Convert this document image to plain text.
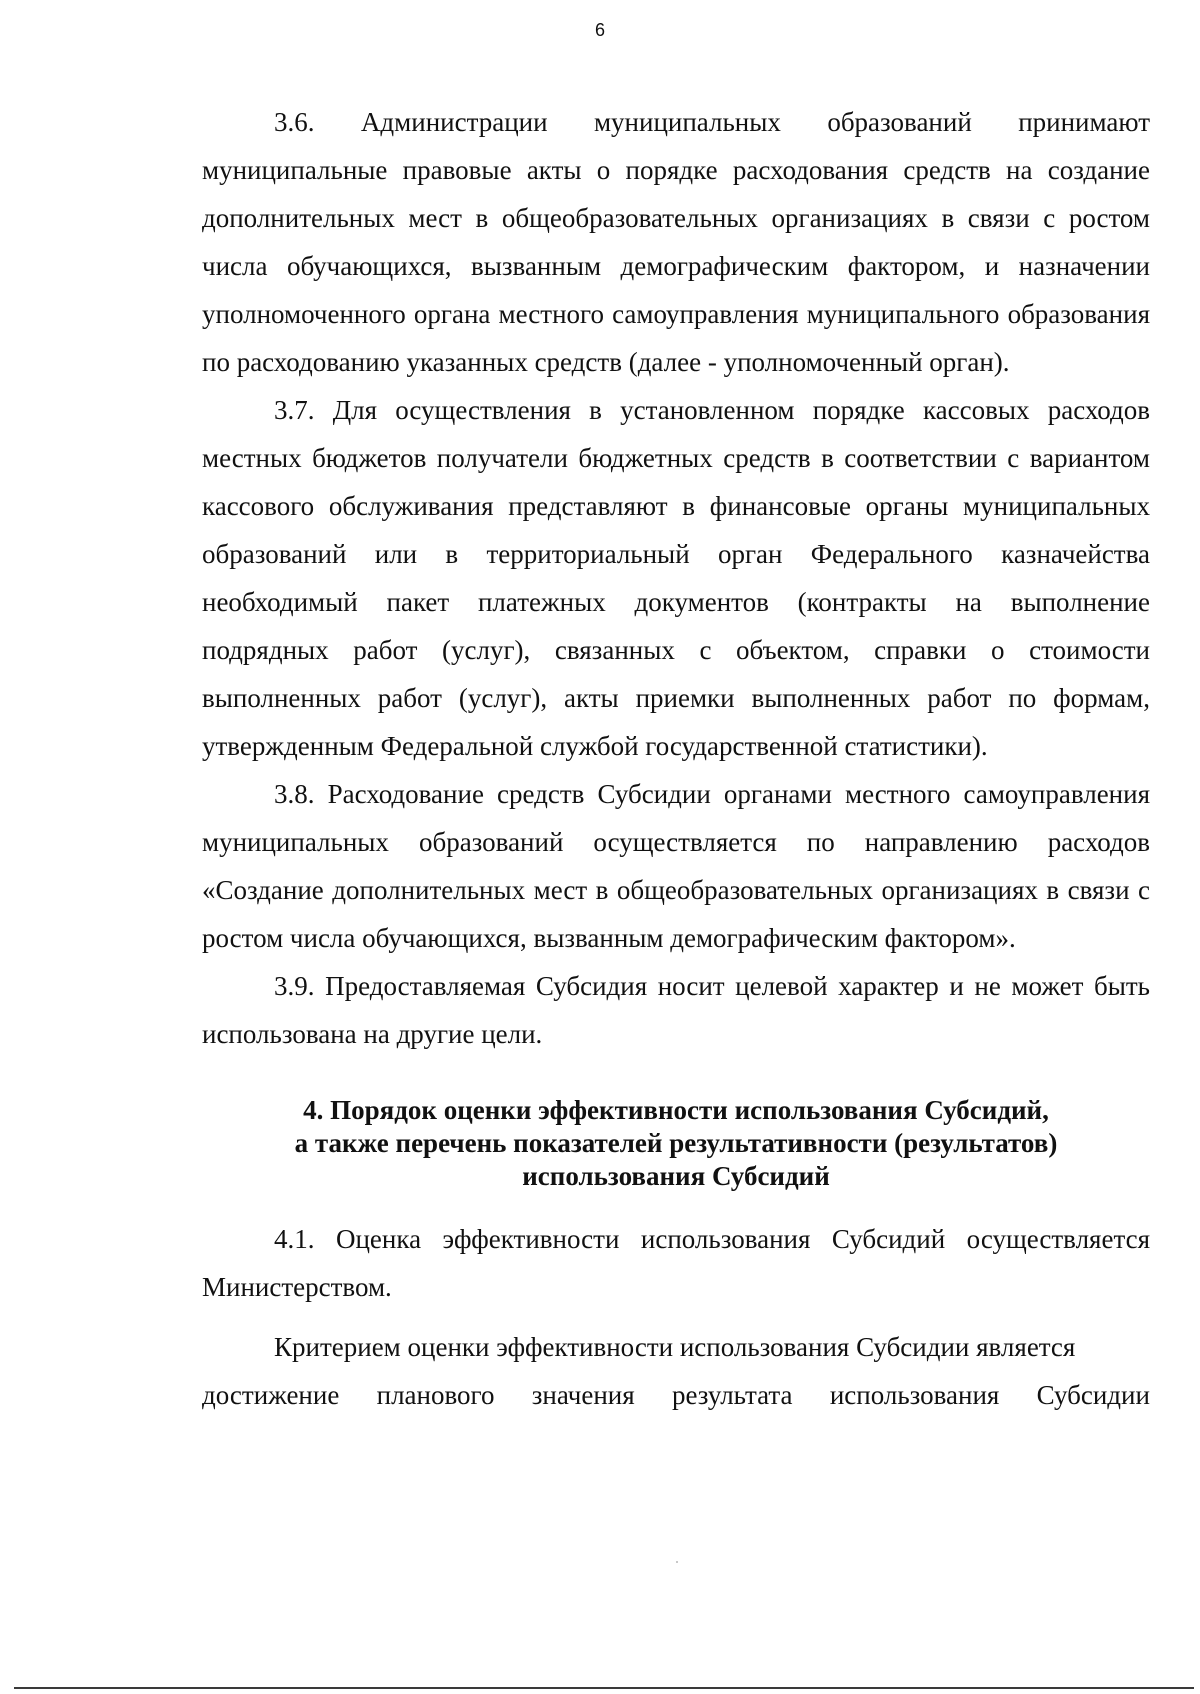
6

3.6. Администрации муниципальных образований принимают муниципальные правовые акты о порядке расходования средств на создание дополнительных мест в общеобразовательных организациях в связи с ростом числа обучающихся, вызванным демографическим фактором, и назначении уполномоченного органа местного самоуправления муниципального образования по расходованию указанных средств (далее - уполномоченный орган).

3.7. Для осуществления в установленном порядке кассовых расходов местных бюджетов получатели бюджетных средств в соответствии с вариантом кассового обслуживания представляют в финансовые органы муниципальных образований или в территориальный орган Федерального казначейства необходимый пакет платежных документов (контракты на выполнение подрядных работ (услуг), связанных с объектом, справки о стоимости выполненных работ (услуг), акты приемки выполненных работ по формам, утвержденным Федеральной службой государственной статистики).

3.8. Расходование средств Субсидии органами местного самоуправления муниципальных образований осуществляется по направлению расходов «Создание дополнительных мест в общеобразовательных организациях в связи с ростом числа обучающихся, вызванным демографическим фактором».

3.9. Предоставляемая Субсидия носит целевой характер и не может быть использована на другие цели.

4. Порядок оценки эффективности использования Субсидий,
а также перечень показателей результативности (результатов)
использования Субсидий

4.1. Оценка эффективности использования Субсидий осуществляется Министерством.

Критерием оценки эффективности использования Субсидии является

достижение планового значения результата использования Субсидии
